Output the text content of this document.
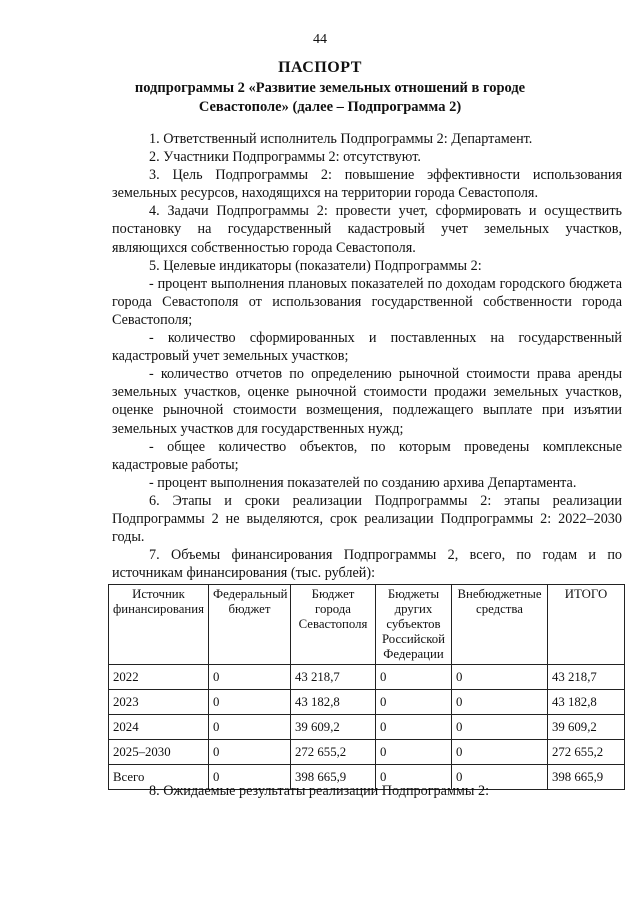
44
ПАСПОРТ
подпрограммы 2 «Развитие земельных отношений в городе
Севастополе» (далее – Подпрограмма 2)

1. Ответственный исполнитель Подпрограммы 2: Департамент.

2. Участники Подпрограммы 2: отсутствуют.

3. Цель Подпрограммы 2: повышение эффективности использования земельных ресурсов, находящихся на территории города Севастополя.

4. Задачи Подпрограммы 2: провести учет, сформировать и осуществить постановку на государственный кадастровый учет земельных участков, являющихся собственностью города Севастополя.

5. Целевые индикаторы (показатели) Подпрограммы 2:

- процент выполнения плановых показателей по доходам городского бюджета города Севастополя от использования государственной собственности города Севастополя;

- количество сформированных и поставленных на государственный кадастровый учет земельных участков;

- количество отчетов по определению рыночной стоимости права аренды земельных участков, оценке рыночной стоимости продажи земельных участков, оценке рыночной стоимости возмещения, подлежащего выплате при изъятии земельных участков для государственных нужд;

- общее количество объектов, по которым проведены комплексные кадастровые работы;

- процент выполнения показателей по созданию архива Департамента.

6. Этапы и сроки реализации Подпрограммы 2: этапы реализации Подпрограммы 2 не выделяются, срок реализации Подпрограммы 2: 2022–2030 годы.

7. Объемы финансирования Подпрограммы 2, всего, по годам и по источникам финансирования (тыс. рублей):

Источник финансирования	Федеральный бюджет	Бюджет города Севастополя	Бюджеты других субъектов Российской Федерации	Внебюджетные средства	ИТОГО
2022	0	43 218,7	0	0	43 218,7
2023	0	43 182,8	0	0	43 182,8
2024	0	39 609,2	0	0	39 609,2
2025–2030	0	272 655,2	0	0	272 655,2
Всего	0	398 665,9	0	0	398 665,9
8. Ожидаемые результаты реализации Подпрограммы 2:
